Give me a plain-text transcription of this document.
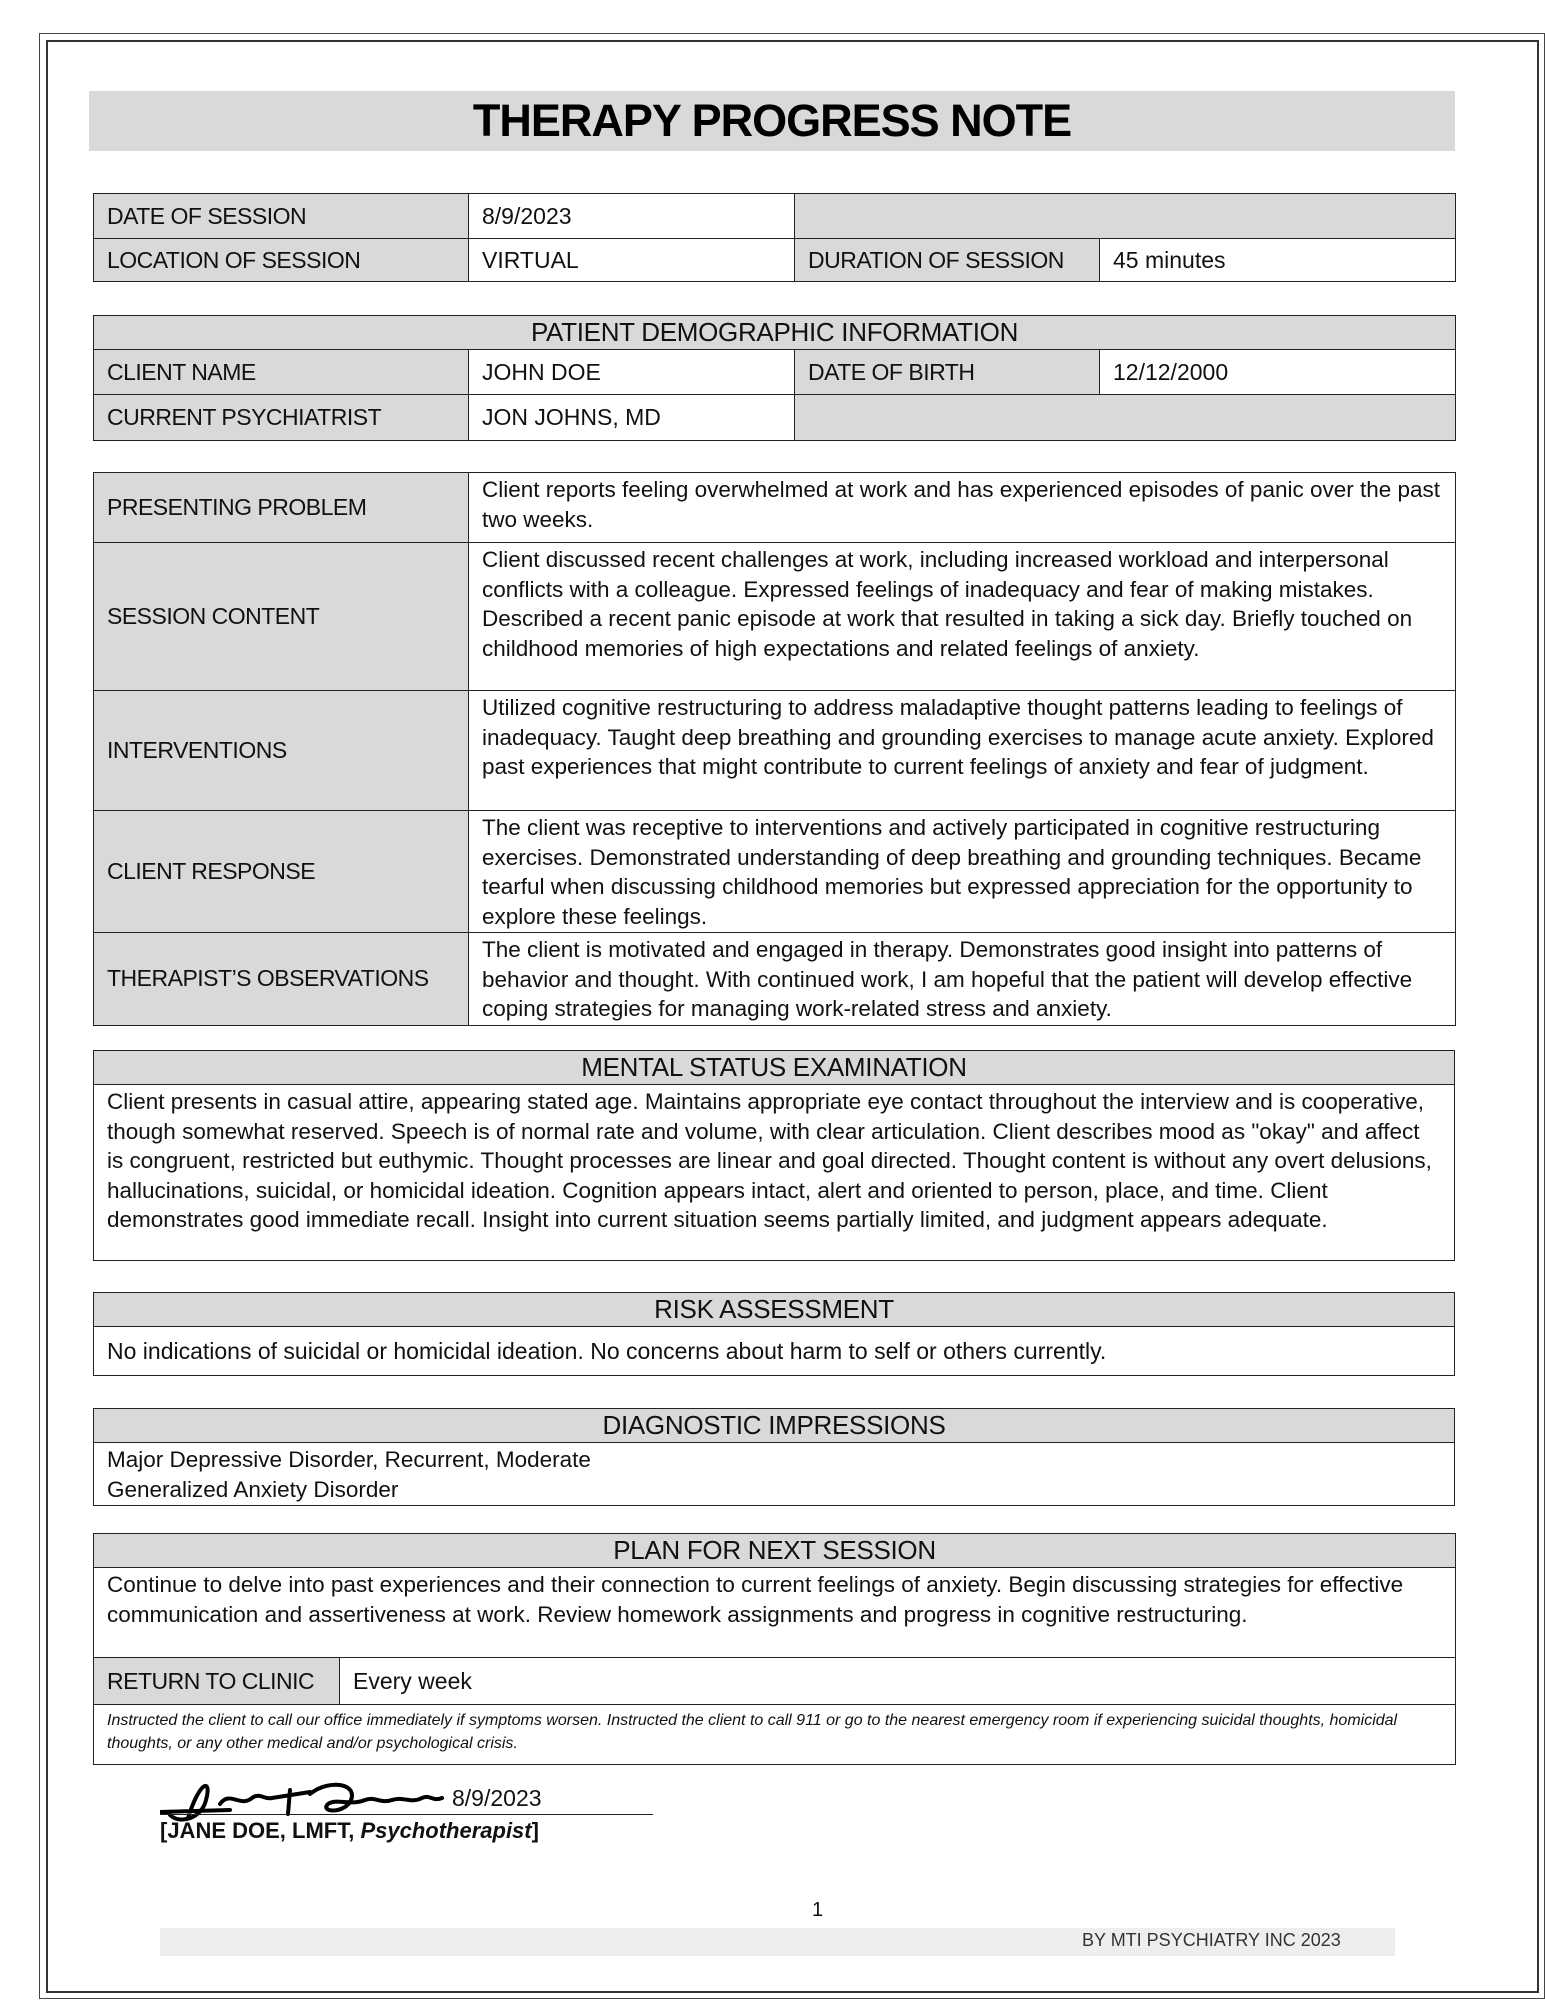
THERAPY PROGRESS NOTE
DATE OF SESSION	8/9/2023		
LOCATION OF SESSION	VIRTUAL	DURATION OF SESSION	45 minutes
PATIENT DEMOGRAPHIC INFORMATION			
CLIENT NAME	JOHN DOE	DATE OF BIRTH	12/12/2000
CURRENT PSYCHIATRIST	JON JOHNS, MD		
PRESENTING PROBLEM	Client reports feeling overwhelmed at work and has experienced episodes of panic over the past two weeks.
SESSION CONTENT	Client discussed recent challenges at work, including increased workload and interpersonal conflicts with a colleague. Expressed feelings of inadequacy and fear of making mistakes. Described a recent panic episode at work that resulted in taking a sick day. Briefly touched on childhood memories of high expectations and related feelings of anxiety.
INTERVENTIONS	Utilized cognitive restructuring to address maladaptive thought patterns leading to feelings of inadequacy. Taught deep breathing and grounding exercises to manage acute anxiety. Explored past experiences that might contribute to current feelings of anxiety and fear of judgment.
CLIENT RESPONSE	The client was receptive to interventions and actively participated in cognitive restructuring exercises. Demonstrated understanding of deep breathing and grounding techniques. Became tearful when discussing childhood memories but expressed appreciation for the opportunity to explore these feelings.
THERAPIST’S OBSERVATIONS	The client is motivated and engaged in therapy. Demonstrates good insight into patterns of behavior and thought. With continued work, I am hopeful that the patient will develop effective coping strategies for managing work-related stress and anxiety.
MENTAL STATUS EXAMINATION
Client presents in casual attire, appearing stated age. Maintains appropriate eye contact throughout the interview and is cooperative, though somewhat reserved. Speech is of normal rate and volume, with clear articulation. Client describes mood as "okay" and affect is congruent, restricted but euthymic. Thought processes are linear and goal directed. Thought content is without any overt delusions, hallucinations, suicidal, or homicidal ideation. Cognition appears intact, alert and oriented to person, place, and time. Client demonstrates good immediate recall. Insight into current situation seems partially limited, and judgment appears adequate.
RISK ASSESSMENT
No indications of suicidal or homicidal ideation. No concerns about harm to self or others currently.
DIAGNOSTIC IMPRESSIONS

Major Depressive Disorder, Recurrent, Moderate
Generalized Anxiety Disorder
PLAN FOR NEXT SESSION
Continue to delve into past experiences and their connection to current feelings of anxiety. Begin discussing strategies for effective communication and assertiveness at work. Review homework assignments and progress in cognitive restructuring.
RETURN TO CLINIC	Every week
Instructed the client to call our office immediately if symptoms worsen. Instructed the client to call 911 or go to the nearest emergency room if experiencing suicidal thoughts, homicidal thoughts, or any other medical and/or psychological crisis.
8/9/2023
[JANE DOE, LMFT, Psychotherapist]
1
BY MTI PSYCHIATRY INC 2023
